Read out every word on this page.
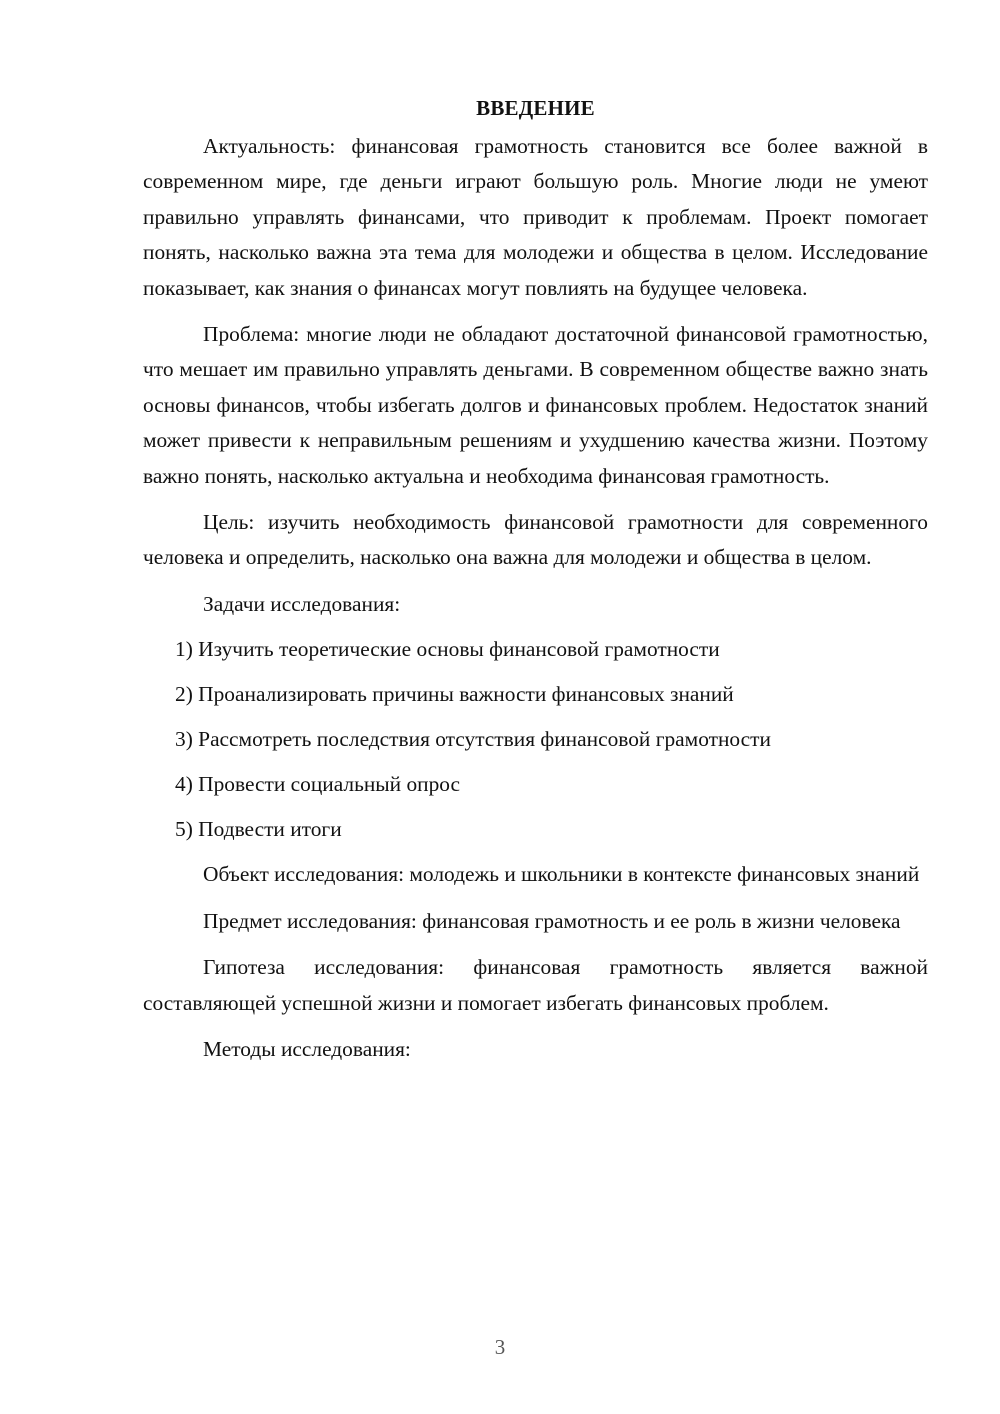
ВВЕДЕНИЕ

Актуальность: финансовая грамотность становится все более важной в современном мире, где деньги играют большую роль. Многие люди не умеют правильно управлять финансами, что приводит к проблемам. Проект помогает понять, насколько важна эта тема для молодежи и общества в целом. Исследование показывает, как знания о финансах могут повлиять на будущее человека.

Проблема: многие люди не обладают достаточной финансовой грамотностью, что мешает им правильно управлять деньгами. В современном обществе важно знать основы финансов, чтобы избегать долгов и финансовых проблем. Недостаток знаний может привести к неправильным решениям и ухудшению качества жизни. Поэтому важно понять, насколько актуальна и необходима финансовая грамотность.

Цель: изучить необходимость финансовой грамотности для современного человека и определить, насколько она важна для молодежи и общества в целом.

Задачи исследования:

1) Изучить теоретические основы финансовой грамотности
2) Проанализировать причины важности финансовых знаний
3) Рассмотреть последствия отсутствия финансовой грамотности
4) Провести социальный опрос
5) Подвести итоги

Объект исследования: молодежь и школьники в контексте финансовых знаний

Предмет исследования: финансовая грамотность и ее роль в жизни человека

Гипотеза исследования: финансовая грамотность является важной составляющей успешной жизни и помогает избегать финансовых проблем.

Методы исследования:

3
